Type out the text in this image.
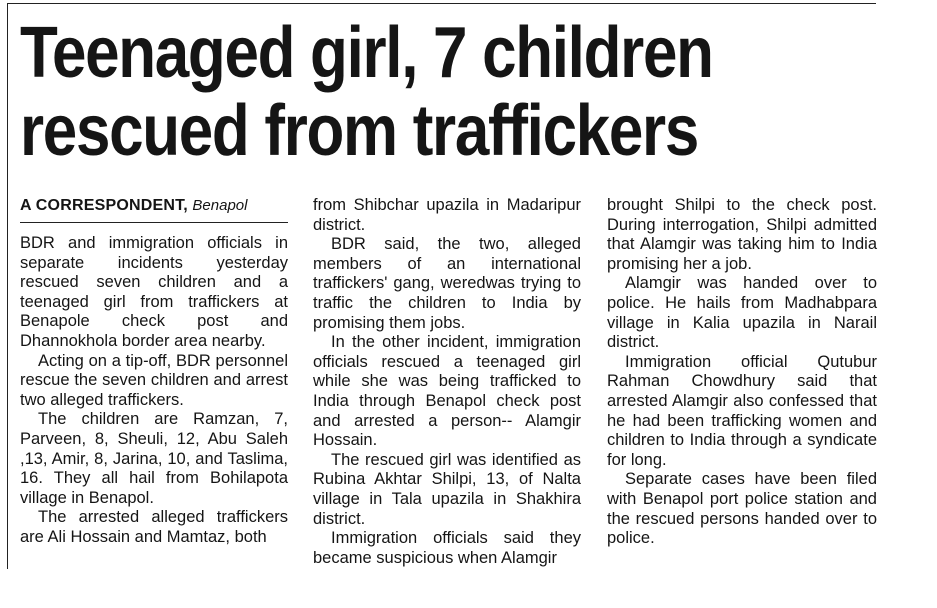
Teenaged girl, 7 children
rescued from traffickers
A CORRESPONDENT, Benapol

BDR and immigration officials in separate incidents yesterday rescued seven children and a teenaged girl from traffickers at Benapole check post and Dhannokhola border area nearby.

Acting on a tip-off, BDR personnel rescue the seven children and arrest two alleged traffickers.

The children are Ramzan, 7, Parveen, 8, Sheuli, 12, Abu Saleh ,13, Amir, 8, Jarina, 10, and Taslima, 16. They all hail from Bohilapota village in Benapol.

The arrested alleged traffickers are Ali Hossain and Mamtaz, both

from Shibchar upazila in Madaripur district.

BDR said, the two, alleged members of an international traffickers' gang, weredwas trying to traffic the children to India by promising them jobs.

In the other incident, immigration officials rescued a teenaged girl while she was being trafficked to India through Benapol check post and arrested a person-- Alamgir Hossain.

The rescued girl was identified as Rubina Akhtar Shilpi, 13, of Nalta village in Tala upazila in Shakhira district.

Immigration officials said they became suspicious when Alamgir

brought Shilpi to the check post. During interrogation, Shilpi admitted that Alamgir was taking him to India promising her a job.

Alamgir was handed over to police. He hails from Madhabpara village in Kalia upazila in Narail district.

Immigration official Qutubur Rahman Chowdhury said that arrested Alamgir also confessed that he had been trafficking women and children to India through a syndicate for long.

Separate cases have been filed with Benapol port police station and the rescued persons handed over to police.
